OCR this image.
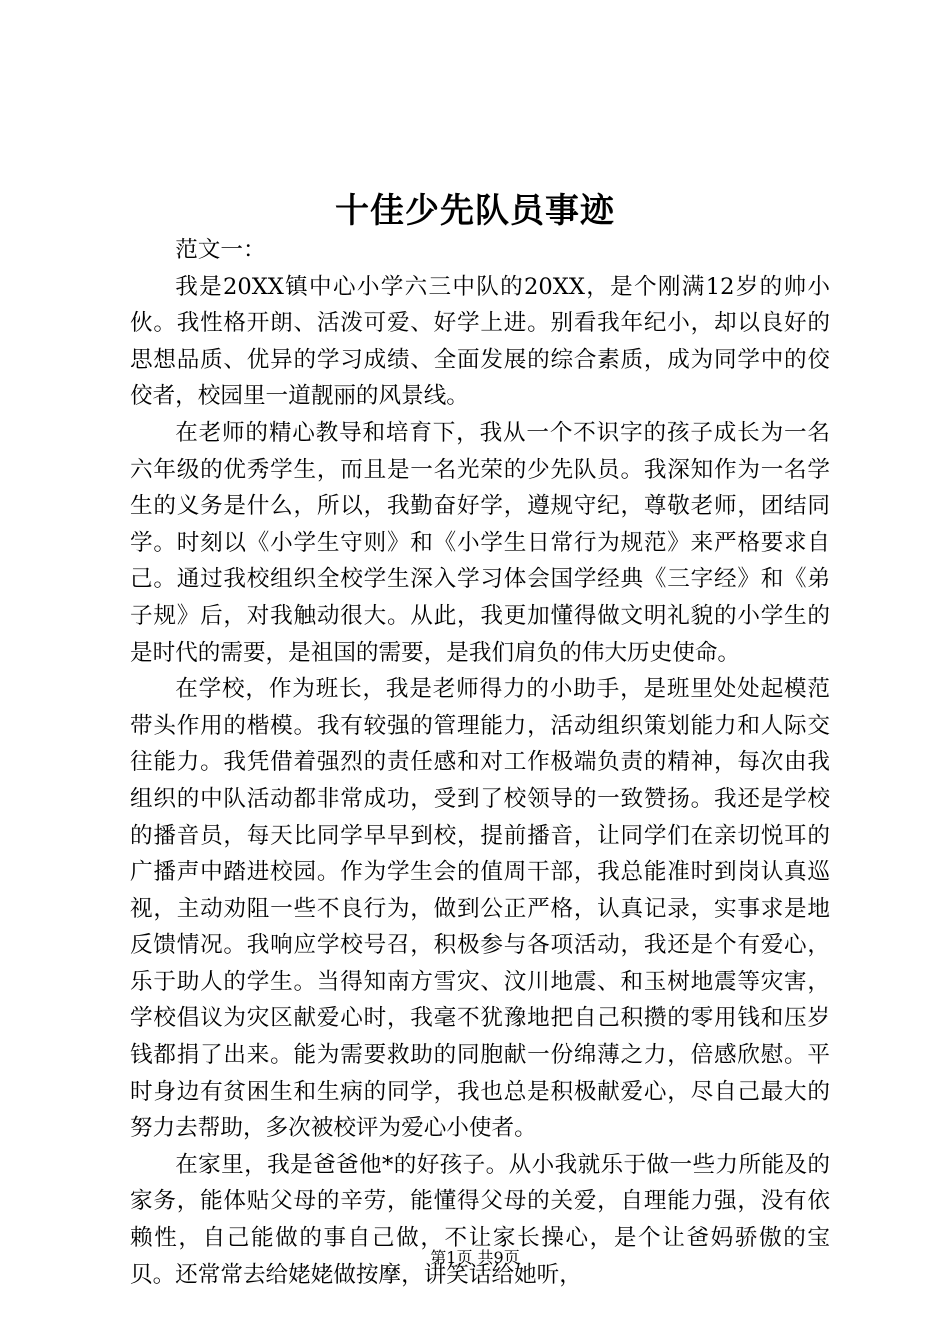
十佳少先队员事迹

范文一：

我是20XX镇中心小学六三中队的20XX，是个刚满12岁的帅小伙。我性格开朗、活泼可爱、好学上进。别看我年纪小，却以良好的思想品质、优异的学习成绩、全面发展的综合素质，成为同学中的佼佼者，校园里一道靓丽的风景线。

在老师的精心教导和培育下，我从一个不识字的孩子成长为一名六年级的优秀学生，而且是一名光荣的少先队员。我深知作为一名学生的义务是什么，所以，我勤奋好学，遵规守纪，尊敬老师，团结同学。时刻以《小学生守则》和《小学生日常行为规范》来严格要求自己。通过我校组织全校学生深入学习体会国学经典《三字经》和《弟子规》后，对我触动很大。从此，我更加懂得做文明礼貌的小学生的是时代的需要，是祖国的需要，是我们肩负的伟大历史使命。

在学校，作为班长，我是老师得力的小助手，是班里处处起模范带头作用的楷模。我有较强的管理能力，活动组织策划能力和人际交往能力。我凭借着强烈的责任感和对工作极端负责的精神，每次由我组织的中队活动都非常成功，受到了校领导的一致赞扬。我还是学校的播音员，每天比同学早早到校，提前播音，让同学们在亲切悦耳的广播声中踏进校园。作为学生会的值周干部，我总能准时到岗认真巡视，主动劝阻一些不良行为，做到公正严格，认真记录，实事求是地反馈情况。我响应学校号召，积极参与各项活动，我还是个有爱心，乐于助人的学生。当得知南方雪灾、汶川地震、和玉树地震等灾害，学校倡议为灾区献爱心时，我毫不犹豫地把自己积攒的零用钱和压岁钱都捐了出来。能为需要救助的同胞献一份绵薄之力，倍感欣慰。平时身边有贫困生和生病的同学，我也总是积极献爱心，尽自己最大的努力去帮助，多次被校评为爱心小使者。

在家里，我是爸爸他*的好孩子。从小我就乐于做一些力所能及的家务，能体贴父母的辛劳，能懂得父母的关爱，自理能力强，没有依赖性，自己能做的事自己做，不让家长操心，是个让爸妈骄傲的宝贝。还常常去给姥姥做按摩，讲笑话给她听，

第1页 共9页
